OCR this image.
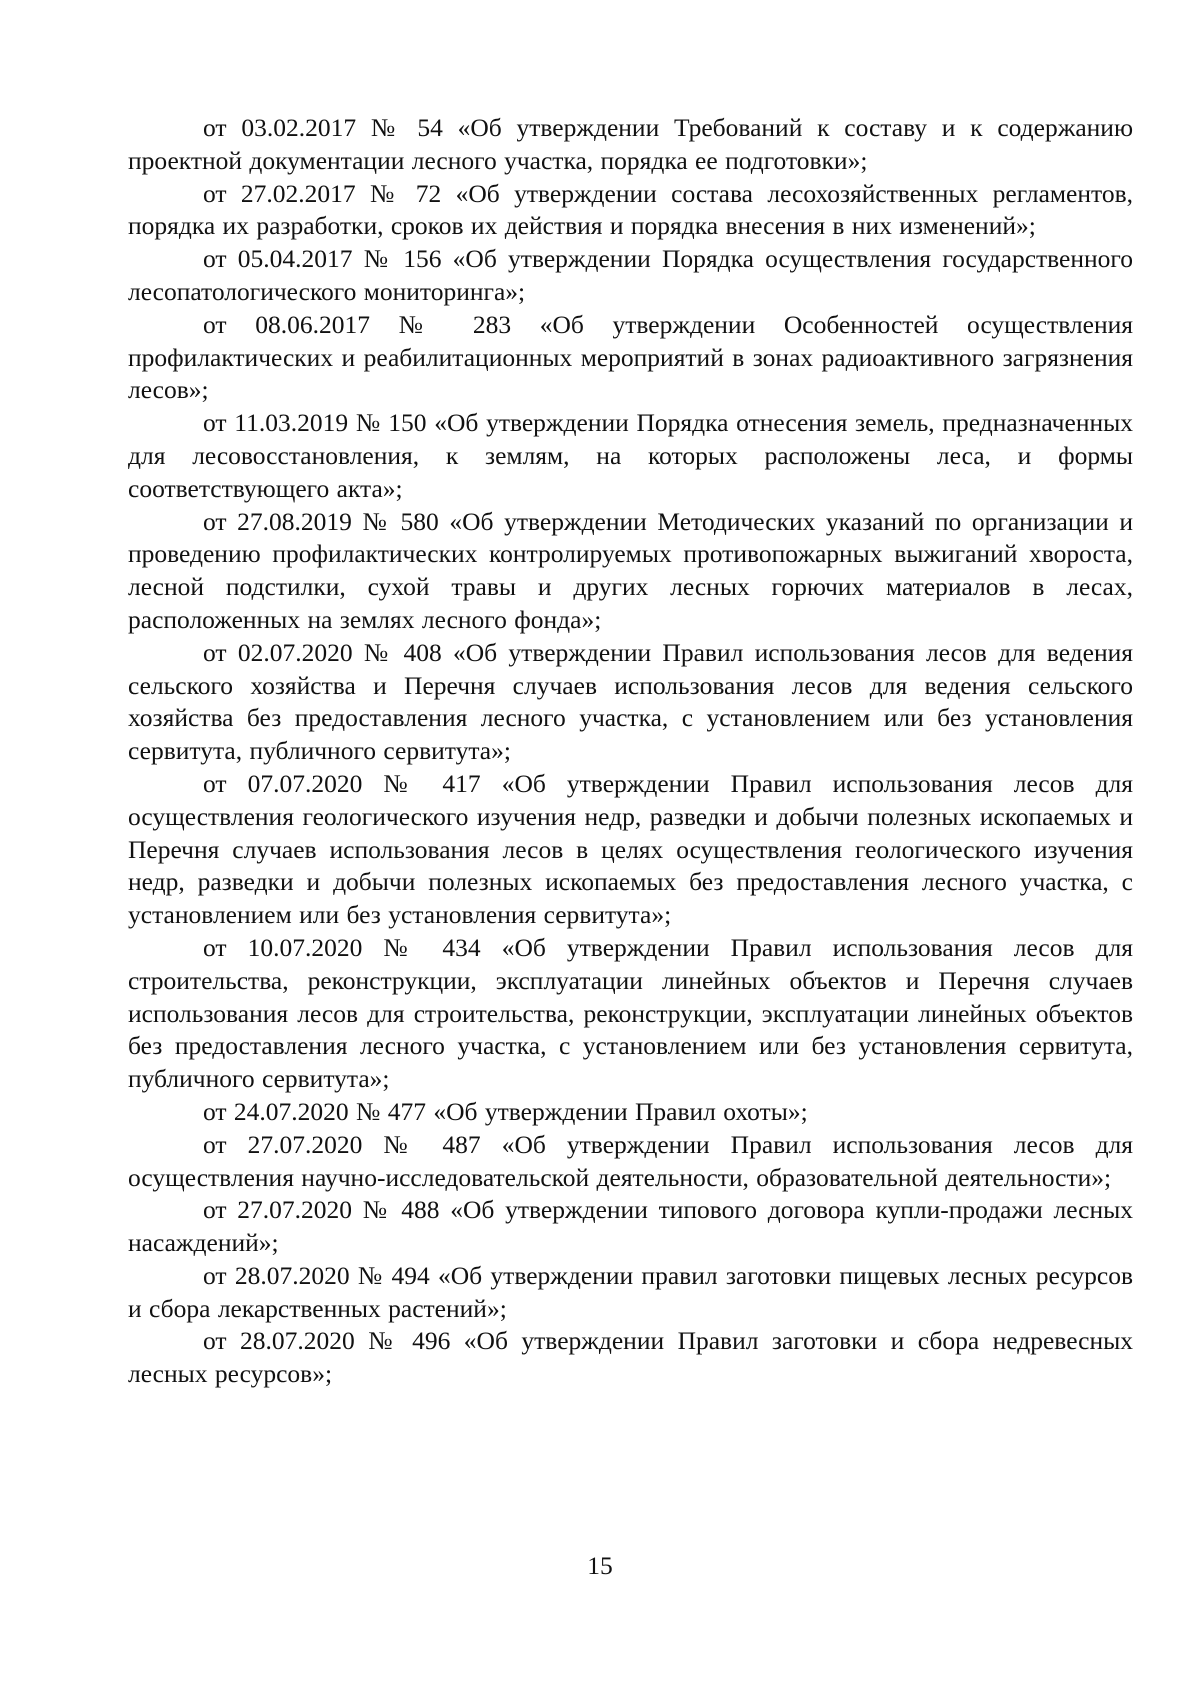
от 03.02.2017 № 54 «Об утверждении Требований к составу и к содержанию проектной документации лесного участка, порядка ее подготовки»;

от 27.02.2017 № 72 «Об утверждении состава лесохозяйственных регламентов, порядка их разработки, сроков их действия и порядка внесения в них изменений»;

от 05.04.2017 № 156 «Об утверждении Порядка осуществления государственного лесопатологического мониторинга»;

от 08.06.2017 № 283 «Об утверждении Особенностей осуществления профилактических и реабилитационных мероприятий в зонах радиоактивного загрязнения лесов»;

от 11.03.2019 № 150 «Об утверждении Порядка отнесения земель, предназначенных для лесовосстановления, к землям, на которых расположены леса, и формы соответствующего акта»;

от 27.08.2019 № 580 «Об утверждении Методических указаний по организации и проведению профилактических контролируемых противопожарных выжиганий хвороста, лесной подстилки, сухой травы и других лесных горючих материалов в лесах, расположенных на землях лесного фонда»;

от 02.07.2020 № 408 «Об утверждении Правил использования лесов для ведения сельского хозяйства и Перечня случаев использования лесов для ведения сельского хозяйства без предоставления лесного участка, с установлением или без установления сервитута, публичного сервитута»;

от 07.07.2020 № 417 «Об утверждении Правил использования лесов для осуществления геологического изучения недр, разведки и добычи полезных ископаемых и Перечня случаев использования лесов в целях осуществления геологического изучения недр, разведки и добычи полезных ископаемых без предоставления лесного участка, с установлением или без установления сервитута»;

от 10.07.2020 № 434 «Об утверждении Правил использования лесов для строительства, реконструкции, эксплуатации линейных объектов и Перечня случаев использования лесов для строительства, реконструкции, эксплуатации линейных объектов без предоставления лесного участка, с установлением или без установления сервитута, публичного сервитута»;

от 24.07.2020 № 477 «Об утверждении Правил охоты»;

от 27.07.2020 № 487 «Об утверждении Правил использования лесов для осуществления научно-исследовательской деятельности, образовательной деятельности»;

от 27.07.2020 № 488 «Об утверждении типового договора купли-продажи лесных насаждений»;

от 28.07.2020 № 494 «Об утверждении правил заготовки пищевых лесных ресурсов и сбора лекарственных растений»;

от 28.07.2020 № 496 «Об утверждении Правил заготовки и сбора недревесных лесных ресурсов»;

15
